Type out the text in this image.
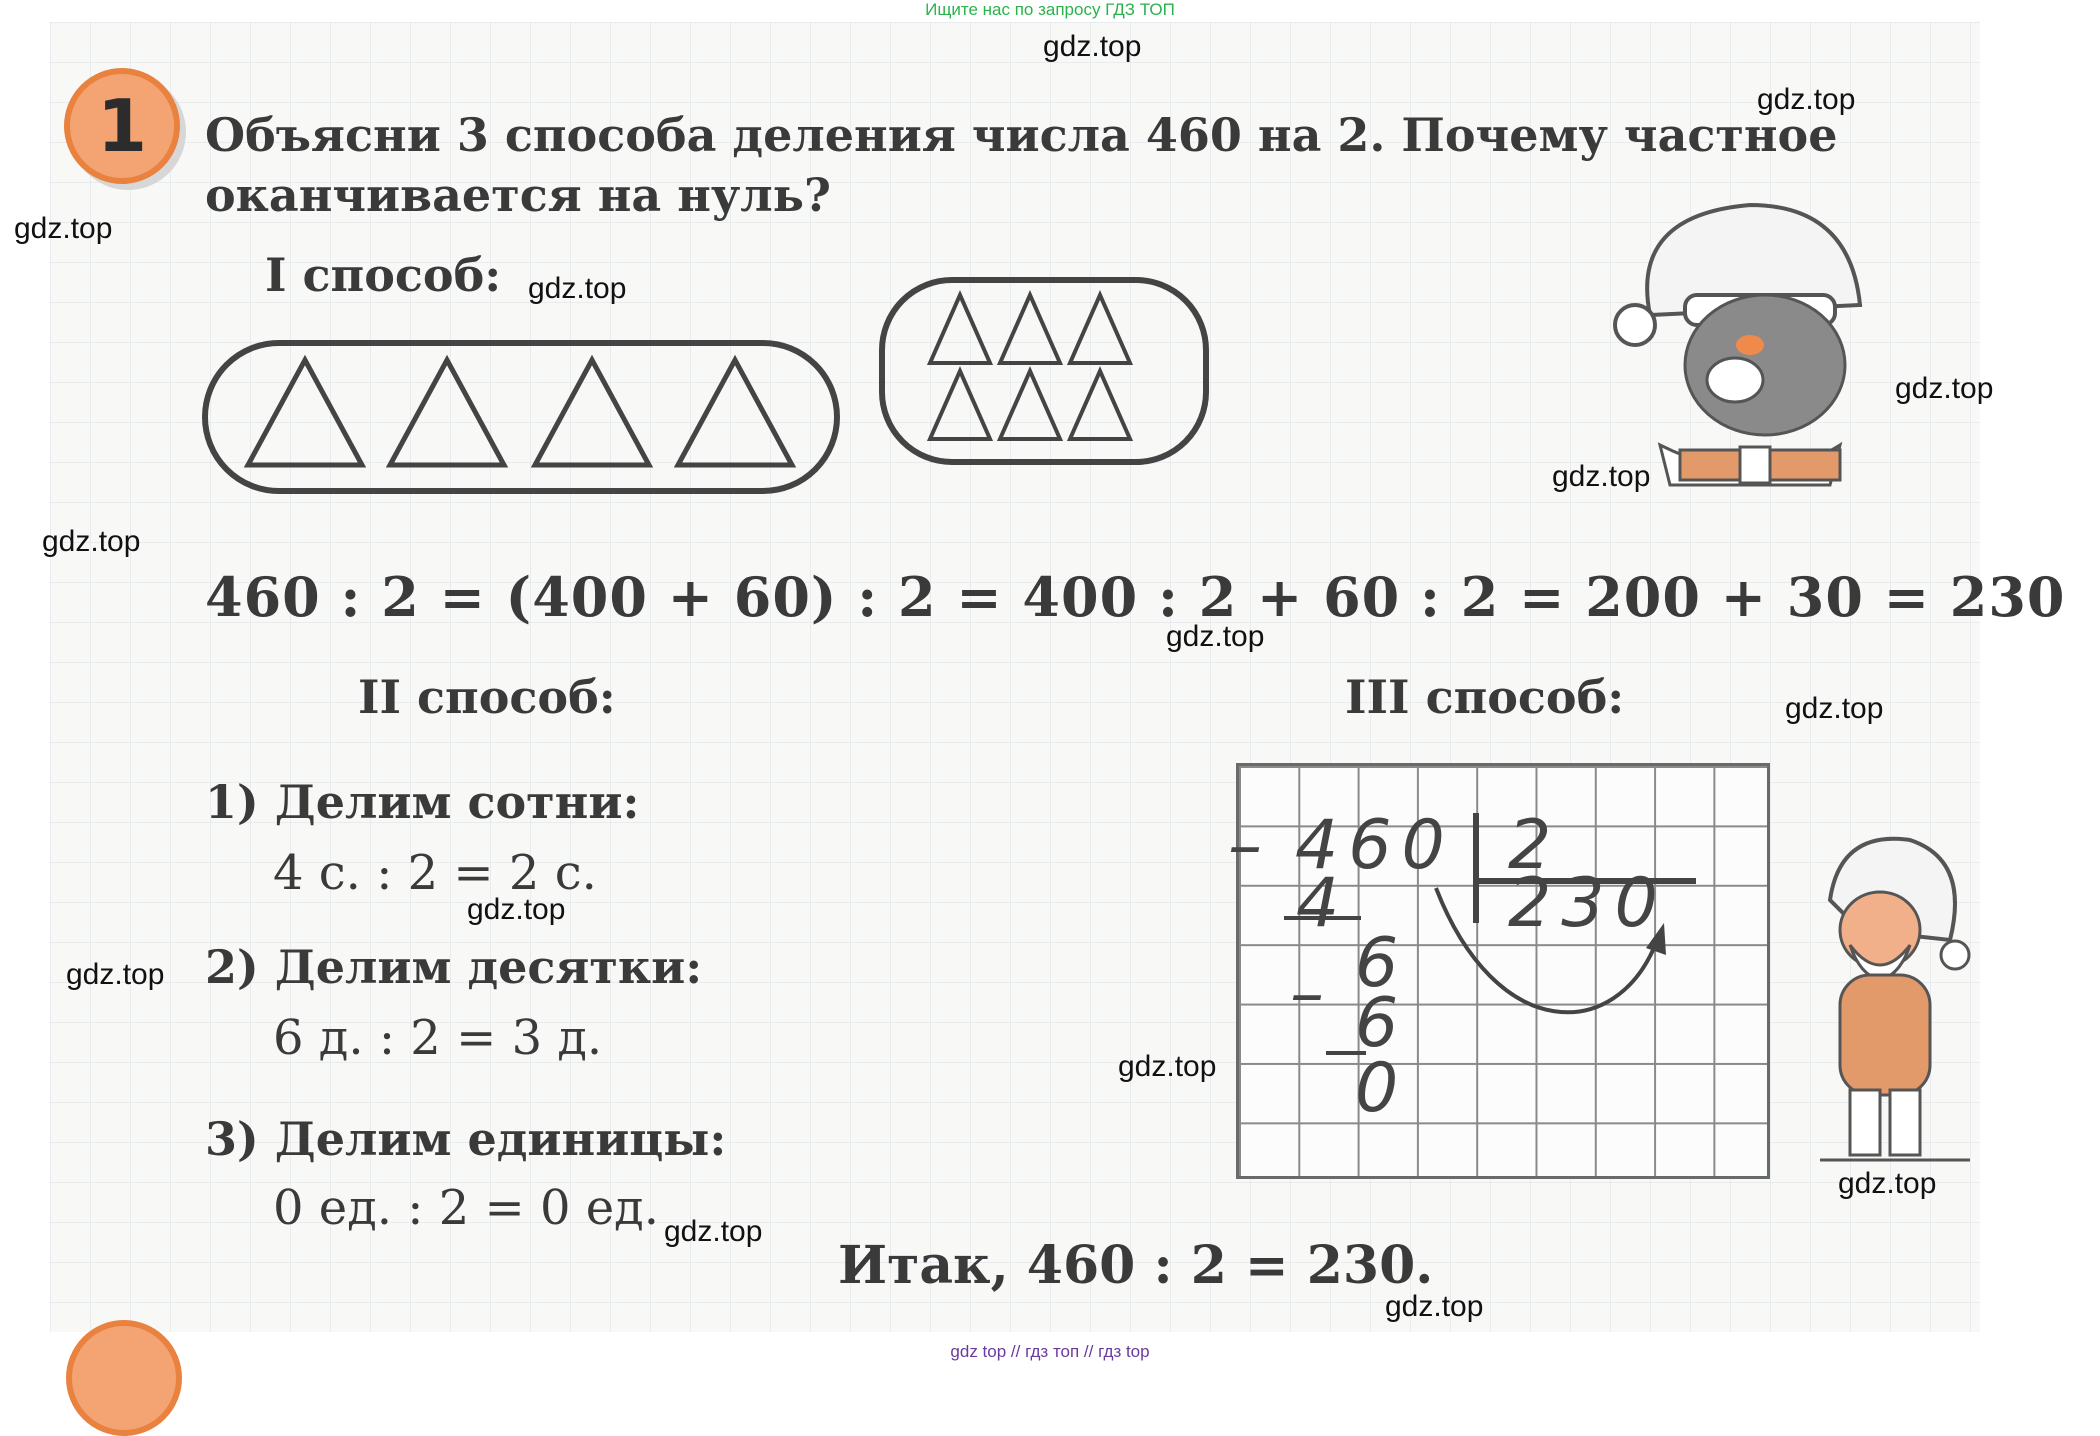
Ищите нас по запросу ГДЗ ТОП
1	Объясни 3 способа деления числа 460 на 2. Почему частное оканчивается на нуль?
I способ:
460 : 2 = (400 + 60) : 2 = 400 : 2 + 60 : 2 = 200 + 30 = 230
II способ:
1) Делим сотни:
4 с. : 2 = 2 с.
2) Делим десятки:
6 д. : 2 = 3 д.
3) Делим единицы:
0 ед. : 2 = 0 ед.
III способ:
– 460 2
4 230
– 6
6
0
Итак, 460 : 2 = 230.
gdz.top
gdz.top
gdz.top
gdz.top
gdz.top
gdz.top
gdz.top
gdz.top
gdz.top
gdz.top
gdz.top
gdz.top
gdz.top
gdz.top
gdz.top
gdz top // гдз топ // гдз top
